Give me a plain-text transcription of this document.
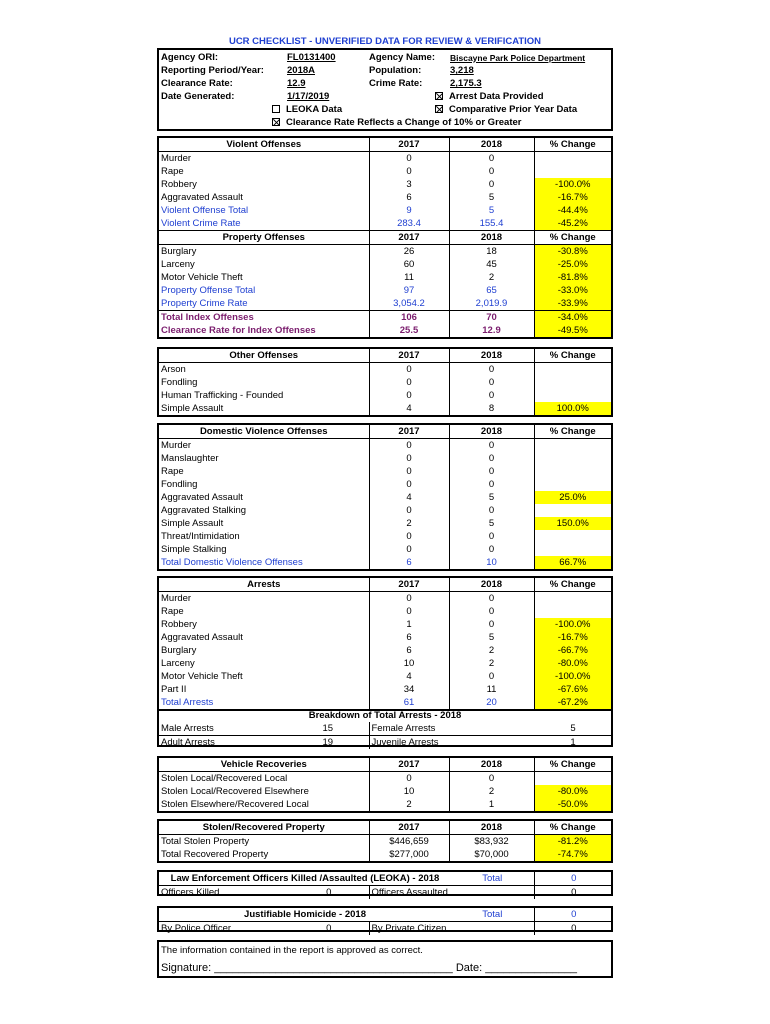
UCR CHECKLIST - UNVERIFIED DATA FOR REVIEW & VERIFICATION
Agency ORI:	FL0131400
Reporting Period/Year: 2018A
Clearance Rate:	12.9
Date Generated:	1/17/2019
Agency Name: Biscayne Park Police Department
Population:	3,218
Crime Rate:	2,175.3
Arrest Data Provided
LEOKA Data	Comparative Prior Year Data
Clearance Rate Reflects a Change of 10% or Greater
Violent Offenses	2017	2018	% Change
Murder	0	0	
Rape	0	0	
Robbery	3	0	-100.0%
Aggravated Assault	6	5	-16.7%
Violent Offense Total	9	5	-44.4%
Violent Crime Rate	283.4	155.4	-45.2%
Property Offenses	2017	2018	% Change
Burglary	26	18	-30.8%
Larceny	60	45	-25.0%
Motor Vehicle Theft	11	2	-81.8%
Property Offense Total	97	65	-33.0%
Property Crime Rate	3,054.2	2,019.9	-33.9%
Total Index Offenses	106	70	-34.0%
Clearance Rate for Index Offenses	25.5	12.9	-49.5%
Other Offenses	2017	2018	% Change
Arson	0	0	
Fondling	0	0	
Human Trafficking - Founded	0	0	
Simple Assault	4	8	100.0%
Domestic Violence Offenses	2017	2018	% Change
Murder	0	0	
Manslaughter	0	0	
Rape	0	0	
Fondling	0	0	
Aggravated Assault	4	5	25.0%
Aggravated Stalking	0	0	
Simple Assault	2	5	150.0%
Threat/Intimidation	0	0	
Simple Stalking	0	0	
Total Domestic Violence Offenses	6	10	66.7%
Arrests	2017	2018	% Change
Murder	0	0	
Rape	0	0	
Robbery	1	0	-100.0%
Aggravated Assault	6	5	-16.7%
Burglary	6	2	-66.7%
Larceny	10	2	-80.0%
Motor Vehicle Theft	4	0	-100.0%
Part II	34	11	-67.6%
Total Arrests	61	20	-67.2%
Vehicle Recoveries	2017	2018	% Change
Stolen Local/Recovered Local	0	0	
Stolen Local/Recovered Elsewhere	10	2	-80.0%
Stolen Elsewhere/Recovered Local	2	1	-50.0%
Stolen/Recovered Property	2017	2018	% Change
Total Stolen Property	$446,659	$83,932	-81.2%
Total Recovered Property	$277,000	$70,000	-74.7%
Breakdown of Total Arrests - 2018			
Male Arrests	15	Female Arrests	5
Adult Arrests	19	Juvenile Arrests	1
Law Enforcement Officers Killed /Assaulted (LEOKA) - 2018			Total	0
Officers Killed	0	Officers Assaulted		0
Justifiable Homicide - 2018			Total	0
By Police Officer	0	By Private Citizen		0
The information contained in the report is approved as correct.
Signature: _______________________________________ Date: _______________
